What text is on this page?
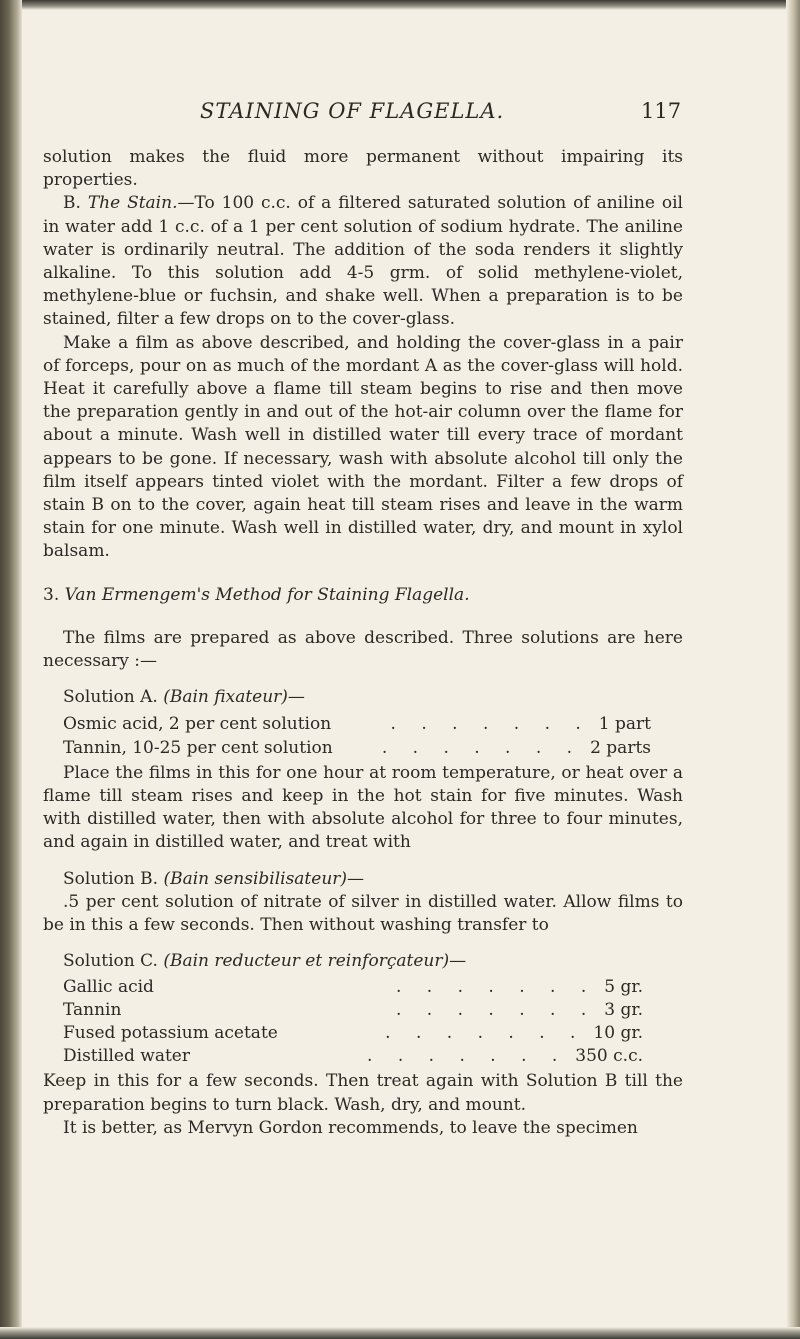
STAINING OF FLAGELLA.	117

solution makes the fluid more permanent without impairing its properties.

B. The Stain.—To 100 c.c. of a filtered saturated solution of aniline oil in water add 1 c.c. of a 1 per cent solution of sodium hydrate. The aniline water is ordinarily neutral. The addition of the soda renders it slightly alkaline. To this solution add 4-5 grm. of solid methylene-violet, methylene-blue or fuchsin, and shake well. When a preparation is to be stained, filter a few drops on to the cover-glass.

Make a film as above described, and holding the cover-glass in a pair of forceps, pour on as much of the mordant A as the cover-glass will hold. Heat it carefully above a flame till steam begins to rise and then move the preparation gently in and out of the hot-air column over the flame for about a minute. Wash well in distilled water till every trace of mordant appears to be gone. If necessary, wash with absolute alcohol till only the film itself appears tinted violet with the mordant. Filter a few drops of stain B on to the cover, again heat till steam rises and leave in the warm stain for one minute. Wash well in distilled water, dry, and mount in xylol balsam.

3. Van Ermengem's Method for Staining Flagella.

The films are prepared as above described. Three solutions are here necessary :—

Solution A. (Bain fixateur)—

Osmic acid, 2 per cent solution	. . . . . . . 1 part
Tannin, 10-25 per cent solution	. . . . . . . 2 parts

Place the films in this for one hour at room temperature, or heat over a flame till steam rises and keep in the hot stain for five minutes. Wash with distilled water, then with absolute alcohol for three to four minutes, and again in distilled water, and treat with

Solution B. (Bain sensibilisateur)—

.5 per cent solution of nitrate of silver in distilled water. Allow films to be in this a few seconds. Then without washing transfer to

Solution C. (Bain reducteur et reinforçateur)—

Gallic acid	. . . . . . . 5 gr.
Tannin	. . . . . . . 3 gr.
Fused potassium acetate	. . . . . . . 10 gr.
Distilled water	. . . . . . . 350 c.c.

Keep in this for a few seconds. Then treat again with Solution B till the preparation begins to turn black. Wash, dry, and mount.

It is better, as Mervyn Gordon recommends, to leave the specimen
